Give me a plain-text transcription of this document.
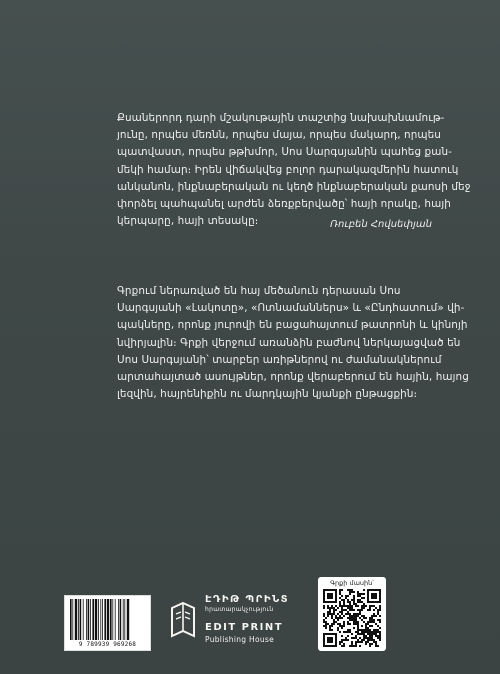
Քսաներորդ դարի մշակութային տաշտից նախախնամութ-
յունը, որպես մեռնն, որպես մայա, որպես մակարդ, որպես
պատվաստ, որպես թթխմոր, Սոս Սարգսյանին պահեց քան-
մեկի համար։ Իրեն վիճակվեց բոլոր դարակազմերին հատուկ
անկանոն, ինքնաբերական ու կեղծ ինքնաբերական քաոսի մեջ
փորձել պահպանել արժեն ձեռքբերվածը՝ հայի որակը, հայի
կերպարը, հայի տեսակը։	Ռուբեն Հովսեփյան

Գրքում ներառված են հայ մեծանուն դերասան Սոս
Սարգսյանի «Լակոտը», «Ոտնամաններս» և «Ընդհատում» վի-
պակները, որոնք յուրովի են բացահայտում թատրոնի և կինոյի
նվիրյալին։ Գրքի վերջում առանձին բաժնով ներկայացված են
Սոս Սարգսյանի՝ տարբեր առիթներով ու ժամանակներում
արտահայտած ասույթներ, որոնք վերաբերում են հային, հայոց
լեզվին, հայրենիքին ու մարդկային կյանքի ընթացքին։

9 789939 969268
ԷԴԻԹ ՊՐԻՆՏ
հրատարակչություն
EDIT PRINT
Publishing House
Գրքի մասին՝
